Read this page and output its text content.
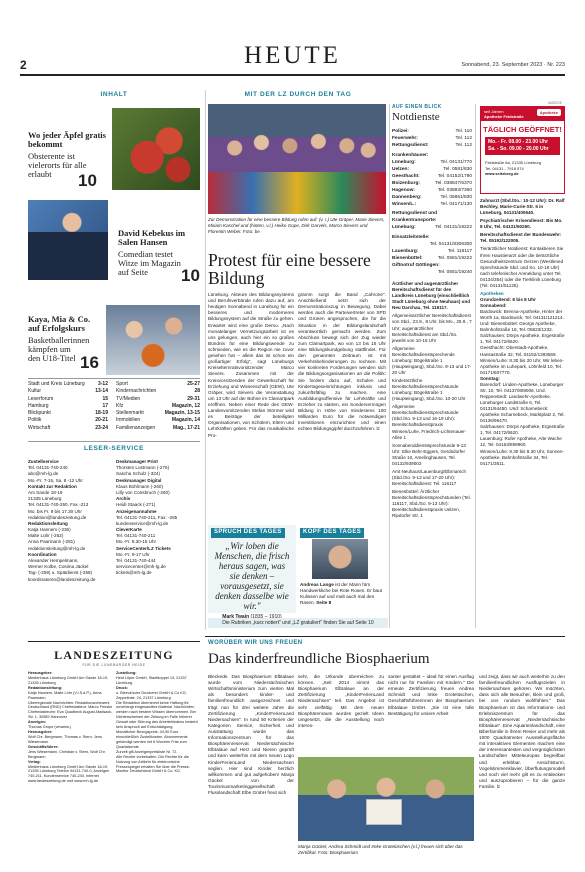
HEUTE
2	Sonnabend, 23. September 2023 · Nr. 223
INHALT
Wo jeder Äpfel gratis bekommt
Obsterente ist vielerorts für alle erlaubt	10
David Kebekus im Salen Hansen
Comedian testet Witze im Magazin auf Seite	10
Kaya, Mia & Co. auf Erfolgskurs
Basketballerinnen kämpfen um den U18-Titel 16
Stadt und Kreis Lüneburg	3-12
Kultur	13-14
Leserforum	15
Hamburg	17
Blickpunkt	18-19
Politik	20-21
Wirtschaft	23-24
Sport	25-27
Kindernachrichten	28
TV/Medien	29-31
Kfz	Magazin, 12
Stellenmarkt	Magazin, 13-15
Immobilien	Magazin, 14
Familienanzeigen	Mag., 17-21
LESER-SERVICE
Zustellservice
Tel. 04131-740-240
abo@mh-lg.de
Mo.-Fr. 7-15, Sa. 8 -12 Uhr
Kontakt zur Redaktion
Am Sande 18-19
21335 Lüneburg
Tel. 04131-740-250, Fax -213
Mo. bis Fr. 9 bis 17.30 Uhr
redaktion@landeszeitung.de
Redaktionsleitung
Katja Hannem (-236)
Malte Lühr (-262)
Anna Paarmann (-281)
redaktionsleitung@mh-lg.de
Koordination
Alexander Hempelmann,
Werner Kolbe, Cosima Jäckel
Tag- (-259) u. Spätdienst (-258)
koordinatoren@landeszeitung.de
Deskmanager Print
Thorsten Lustmann (-276)
Sascha Schulz (-334)
Deskmanager Digital
Klaus Bohlmann (-260)
Lilly von Consbruch (-260)
Archiv
Heidi Staack (-271)
Anzeigenannahme
Tel. 04131-740-211, Fax: -285
kundenservice@mh-lg.de
CleverKarte
Tel. 04131-740-211
Mo.-Fr. 8.30-15 Uhr
ServiceCenter/LZ Tickets
Mo.-Fr. 9-17 Uhr
Tel. 04131-740-444
servicecenter@mh-lg.de
tickets@mh-lg.de
LANDESZEITUNG
FÜR DIE LÜNEBURGER HEIDE
Herausgeber:
Medienhaus Lüneburg GmbH Am Sande 18-19, 21335 Lüneburg
Redaktionsleitung:
Katja Hannem, Malte Lühr (V.i.S.d.P.), Anna Paarmann
Überregionale Nachrichten: Redaktionsnetzwerk Deutschland (RND) Chefredakteur: Marco Fenske Chefredakteurin: Eva Quadbeck August-Madsack-Str. 1, 30559 Hannover
Anzeigen:
Thomas Grope (verantw.)
Herausgeber:
Wolf Chr. Bergmann, Thomas v. Stern, Jens Wiesemann
Geschäftsführer:
Jens Wiesemann, Christian v. Stern, Wolf Chr. Bergmann
Verlag:
Medienhaus Lüneburg GmbH Am Sande 18-19, 21335 Lüneburg Telefon 04131-740-0, Anzeigen 740-211, Kundenservice 740-240, Internet www.landeszeitung.de und www.mh-lg.de
Zustellung:
Heid Löper GmbH, Stadtkoppel 13, 21337 Lüneburg
Druck:
u. Bleeck'sche Druckerei GmbH & Co KG, Zeppelinstr. 24, 21337 Lüneburg
Die Redaktion übernimmt keine Haftung für unverlangt eingesandtes Material. Nachrichten werden nach bestem Wissen übernommen. Bei Nichterscheinen der Zeitung im Falle höherer Gewalt oder Störung des Arbeitsfriedens besteht kein Anspruch auf Entschädigung.
Monatlicher Bezugspreis: 44,90 Euro einschließlich Zustellkosten. Abonnements gekündigt werden mit 6 Wochen Frist zum Quartalsende.
Zurzeit gilt Anzeigenpreisliste Nr. 72.
Alle Rechte vorbehalten. Die Rechte für die Nutzung von Artikeln für elektronische Pressespiegel erhalten Sie über die Presse-Monitor Deutschland GmbH & Co. KG.
MIT DER LZ DURCH DEN TAG
Zur Demonstration für eine bessere Bildung rufen auf: (v. r.) Ute Gräper, Marie Sievers, Miriam Kaschel und (hinten, v.l.) Heiko Gope, Dirk Garvels, Marco Sievers und Florentin Weber. Foto: be
Protest für eine bessere Bildung
Lüneburg. Akteure des Bildungssystems und Berufsverbände rufen dazu auf, am heutigen Sonnabend in Lüneburg für ein besseres und moderneres Bildungssystem auf die Straße zu gehen. Erwartet wird eine große Demo. „Nach monatelanger Vernetzungsarbeit ist es uns gelungen, auch hier ein so großes Bündnis für eine Bildungswende zu schmieden, wie es die Region nie zuvor gesehen hat – allein das ist schon ein großartiger Erfolg", sagt Lüneburgs Kreiselternratsvorsitzender Marco Sievers. Zusammen mit der Kreisvorsitzenden der Gewerkschaft für Erziehung und Wissenschaft (GEW), Ute Gräper, wird Sievers die Veranstaltung um 13 Uhr auf der Bühne im Clamartpark eröffnen. Neben einer Rede des GEW-Landesvorsitzenden Stefan Störmer wird es Beiträge der beteiligten Organisationen, von Schülern, Eltern und Lehrkräften geben. Für das musikalische Pro-
gramm sorgt die Band „Cahrone". Anschließend setzt sich der Demonstrationszug in Bewegung. Dabei werden auch die Parteivertreter von SPD und Grünen angesprochen, die für die Situation in der Bildungslandschaft verantwortlich gemacht werden. Zum Abschluss bewegt sich der Zug wieder zum Clamartpark, wo von 13 bis 15 Uhr eine Bildungskundgebung stattfindet. Für den genannten Zeitraum ist mit Verkehrsbehinderungen zu rechnen. Mit vier konkreten Forderungen wenden sich die Bildungsorganisationen an die Politik: Sie fordern dazu auf, Schulen und Kindertageseinrichtungen inklusiv und zukunftsfähig zu machen, eine Ausbildungsoffensive für Lehrkräfte und Erzieher zu starten, ein Sondervermögen Bildung in Höhe von mindestens 100 Milliarden Euro für die notwendigen Investitionen einzurichten und einen echten Bildungsgipfel durchzuführen. lz
SPRUCH DES TAGES
„Wir loben die Menschen, die frisch heraus sagen, was sie denken – vorausgesetzt, sie denken dasselbe wie wir."
KOPF DES TAGES
Andreas Lange ist der Mann fürs Handwerkliche bei Rote Rosen. Er baut Kulissen auf und malt auch mal den Rasen. Seite 8
Die Rubriken „kurz notiert" und „LZ gratuliert" finden Sie auf Seite 10
AUF EINEN BLICK
Notdienste
Polizei:	Tel. 110
Feuerwehr:	Tel. 112
Rettungsdienst:	Tel. 112
Krankenhäuser:
Lüneburg:	Tel. 04131/770
Uelzen:	Tel. 0581/830
Geesthacht:	Tel. 04152/1790
Boizenburg:	Tel. 038847/6370
Hagenow:	Tel. 03883/7360
Dannenberg:	Tel. 05861/830
Winsen/L.:	Tel. 04171/130
Rettungsdienst und Krankentransporte:
Lüneburg:	Tel. 04131/19222
Einsatzleitstelle:
Tel. 04131/8306300
Lauenburg:	Tel. 116117
Bienenbüttel:	Tel. 0581/19222
Giftnotruf Göttingen:
Tel. 0551/19240

Ärztlicher und augenärztlicher Bereitschaftsdienst für den Landkreis Lüneburg (einschließlich Stadt Lüneburg ohne Neuhaus) und Neu Darchau, Tel. 116117.

Allgemeinärztlicher Bereitschaftsdienst von Sbd., 23.9., 8 Uhr, bis Mo., 25.9., 7 Uhr; augenärztlicher Bereitschaftsdienst am Sbd./So. jeweils von 10-16 Uhr

Allgemeine Bereitschaftsdienstsprechende Lüneburg: Bögelstraße 1 (Haupteingang), Sbd./So. 9-13 und 17-20 Uhr

Kinderärztliche Bereitschaftsdienstsprechstunde Lüneburg: Bögelstraße 1 (Haupteingang), Sbd./So. 10-20 Uhr

Allgemeine Bereitschaftsdienstsprechstunde (Sbd./So. 9-13 und 16-19 Uhr): Bereitschaftsdienstpraxis Winsen/Luhe, Friedrich-Lichtenauer-Allee 1

Sonnabenddienstsprechstunde 9-13 Uhr: Elke Behr-Eggers, Gerdsdorfer Straße 10, Amelinghausen, Tel. 04132/939002

Amt Neuhaus/Lauenburg/Elbmarsch (Sbd./So. 9-13 und 17-20 Uhr): Bereitschaftsdienst: Tel. 116117

Bienenbüttel: Ärztlicher Bereitschaftsdienstsprechstunden (Tel. 116117, Sbd./So. 9-13 Uhr): Bereitschaftsdienstpraxis Uelzen, Ripdorfer Str. 1

ANZEIGE
seit Jahren
Apotheke Feldstraße
Apotheke
TÄGLICH GEÖFFNET!
Mo. - Fr. 08.00 - 23.00 Uhr
Sa. - So. 09.00 - 20.00 Uhr
Feldstraße 6a, 21335 Lüneburg
Tel. 04131 - 7918 574
www.seitzberg.de

Zahnarzt (Sbd./So.: 10-12 Uhr): Dr. Ralf Bechley, Marie-Curie-Str. 5 in Lüneburg, 04131/400640.

Psychiatrischer Krisendienst: Bis Mo. 8 Uhr, Tel. 04131/60260.

Bereitschaftsdienst der Bundeswehr: Tel. 05192/122005.

Tierärztlicher Notdienst: Kontaktieren Sie Ihren Haustierarzt oder die tierärztliche Gesundheitszentrum Oerzen (Westlened Sprechstunde Sbd. und So. 10-18 Uhr) nach telefonischer Anmeldung unter Tel. 04134/354) oder die Tierklinik Lüneburg (Tel. 04131/51125).

Apotheken

Grundzeitend: 8 bis 8 Uhr

Sonnabend:

Bardowick: Brenna-Apotheke, Hinter der Worth 1a, Bardowick, Tel. 04131/121214. Und: Bienenbüttel: Georgs Apotheke, Bahnhofstraße 18, Tel. 05823/1232.

Salzhausen: Dörps Apotheke, Ergestraße 1, Tel. 04172/6620.

Geesthacht: Oberstadt-Apotheke, Hansastraße 32, Tel. 04152/1393569.

Winsen/Luhe: 8.30 bis 20 Uhr, Wir leben-Apotheke im Luhepark, Löhnfeld 10, Tel. 04171/607770.

Sonntag:

Barendorf: Linden-Apotheke, Lüneburger Str. 10, Tel. 04137/808006. Und: Reppenstedt: Landwehr-Apotheke, Lüneburger Landstraße 6, Tel. 04131/64450. Und: Scharnebeck: Apotheke Scharnebeck, Marktplatz 2, Tel. 04136/96470.

Salzhausen: Dörps Apotheke, Ergestraße 1, Tel. 04172/6620.

Lauenburg: Rufer Apotheke, Alte Wache 12, Tel. 04153/869960.

Winsen/Luhe: 8.30 bis 8.30 Uhr, Sonnen-Apotheke, Bahnhofstraße 34, Tel. 04171/3611.

WORÜBER WIR UNS FREUEN
Das kinderfreundliche Biosphaerium
Bleckede. Das Biosphaerium Elbtalaue wurde vom Niedersächsischen Wirtschaftsministerium zum vierten Mal als besonders kinder- und familienfreundlich ausgezeichnet und trägt nun für drei weitere Jahre die Zertifizierung „KinderFerienLand Niedersachsen". In rund 50 Kriterien der Kategorien Service, Sicherheit und Ausstattung wurde das Informationszentrum für das Biosphärenreservat Niedersächsische Elbtalaue auf Herz und Nieren geprüft und kann weiterhin mit dem neuen Logo KinderFerienLand Niedersachsen seglen. Hier sind Kinder herzlich willkommen und gut aufgehoben! Manja Gückel von der Tourismusmarketinggesellschaft Flusslandschaft Elbe GmbH freut sich
sehr, die Urkunde überreichen zu können. „Seit 2014 nimmt das Biosphaerium Elbtalaue an der Zertifizierung „KinderFerienLand Niedersachsen" teil. Das Angebot ist sehr vielfältig. Mit dem neuen Biosphärenraum wurden gezielt Ideen umgesetzt, die die Ausstellung noch interes-
santer gestaltet – ideal für einen Ausflug nicht nur für Familien mit Kindern." Die erneute Zertifizierung freuen Andrea Schmidt und Imke Grotelüschen, Geschäftsführerinnen der Biosphaerium Elbtalaue GmbH. „Sie ist eine tolle Bestätigung für unsere Arbeit
und zeigt, dass wir auch weiterhin zu den familienfreundlichen Ausflugszielen in Niedersachsen gehören. Wir möchten, dass sich alle Besucher, klein und groß, bei uns rundum wohlfühlen." Das Biosphaerium ist das Informations- und Erlebniszentrum für das Biosphärenreservat „Niedersächsische Elbtalaue". Eine Aquarienlandschaft, eine Biberfamilie in ihrem Revier und mehr als 1000 Quadratmeter Ausstellungsfläche mit interaktiven Elementen machen eine der interessantesten und vergnüglichsten Landschaften Mitteleuropas begreifbar und erlebbar. Ansichtsturm, Vogelstimmenklavier, Überflutungsmodell und noch viel mehr gilt es zu entdecken und auszuprobieren – für die ganze Familie. lz
Manja Gückel, Andrea Schmidt und Imke Grotelüschen (v.l.) freuen sich über das Zertifikat. Foto: Biosphaerium
